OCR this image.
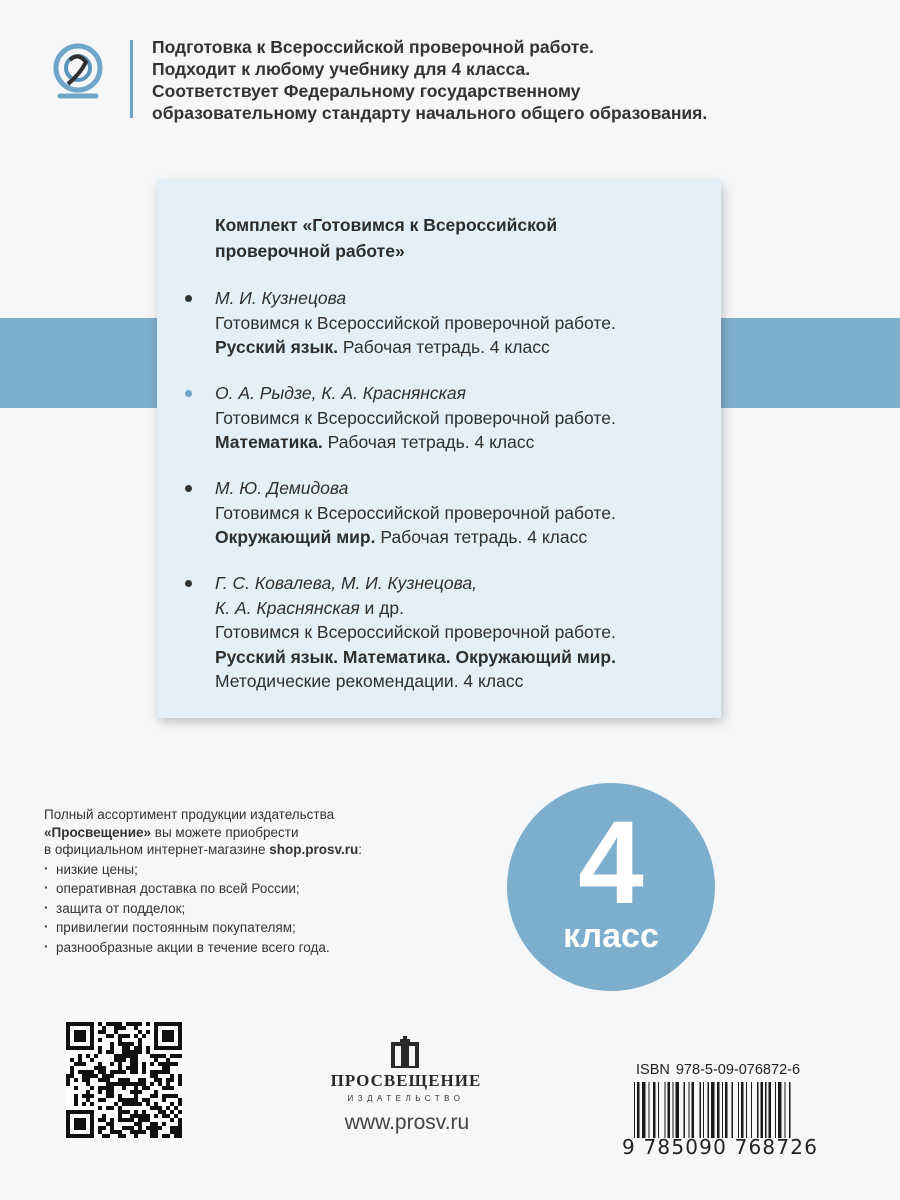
Подготовка к Всероссийской проверочной работе.
Подходит к любому учебнику для 4 класса.
Соответствует Федеральному государственному
образовательному стандарту начального общего образования.
Комплект «Готовимся к Всероссийской
проверочной работе»
М. И. Кузнецова
Готовимся к Всероссийской проверочной работе.
Русский язык. Рабочая тетрадь. 4 класс
О. А. Рыдзе, К. А. Краснянская
Готовимся к Всероссийской проверочной работе.
Математика. Рабочая тетрадь. 4 класс
М. Ю. Демидова
Готовимся к Всероссийской проверочной работе.
Окружающий мир. Рабочая тетрадь. 4 класс
Г. С. Ковалева, М. И. Кузнецова,
К. А. Краснянская и др.
Готовимся к Всероссийской проверочной работе.
Русский язык. Математика. Окружающий мир.
Методические рекомендации. 4 класс
Полный ассортимент продукции издательства
«Просвещение» вы можете приобрести
в официальном интернет-магазине shop.prosv.ru:
· низкие цены;
· оперативная доставка по всей России;
· защита от подделок;
· привилегии постоянным покупателям;
· разнообразные акции в течение всего года.
4
класс
ПРОСВЕЩЕНИЕ
ИЗДАТЕЛЬСТВО
www.prosv.ru
ISBN 978-5-09-076872-6
9 785090 768726
